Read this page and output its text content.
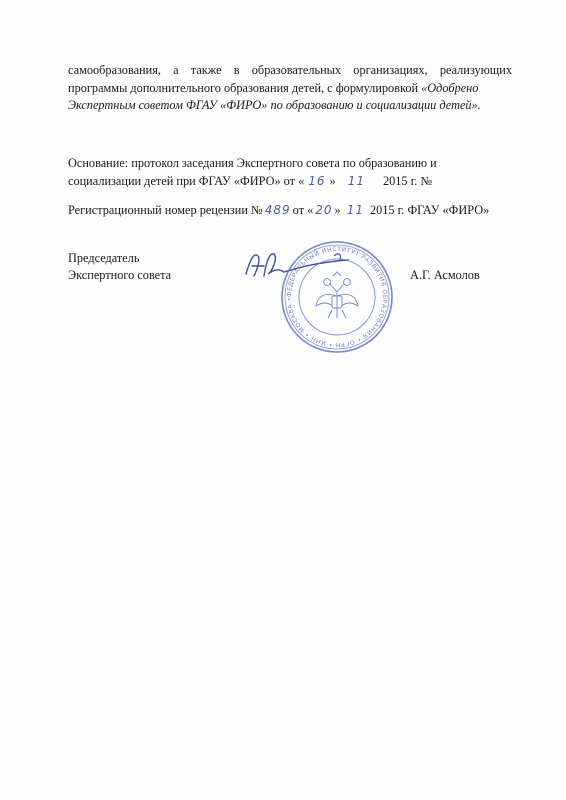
самообразования, а также в образовательных организациях, реализующих
программы дополнительного образования детей, с формулировкой «Одобрено
Экспертным советом ФГАУ «ФИРО» по образованию и социализации детей».
Основание: протокол заседания Экспертного совета по образованию и
социализации детей при ФГАУ «ФИРО» от « 16 » 11 2015 г. №
Регистрационный номер рецензии № 489 от « 20 » 11 2015 г. ФГАУ «ФИРО»
Председатель
Экспертного совета	А.Г. Асмолов
ФЕДЕРАЛЬНЫЙ ИНСТИТУТ РАЗВИТИЯ ОБРАЗОВАНИЯ • ОГРН • ИНН • МОСКВА •
